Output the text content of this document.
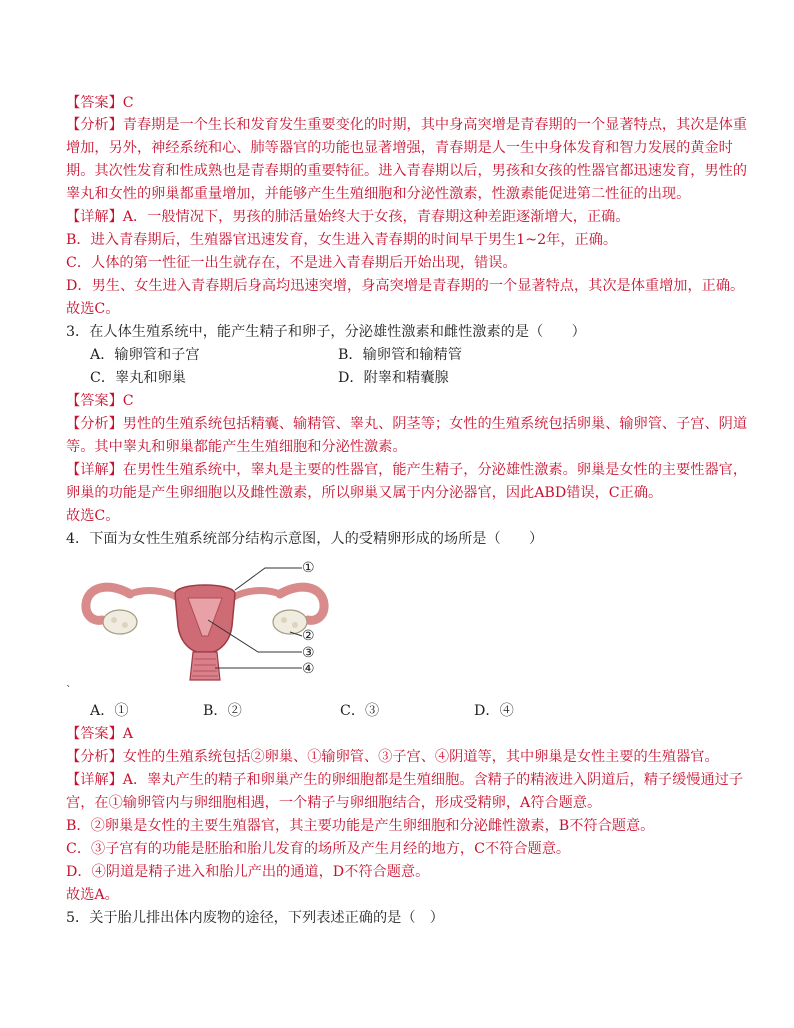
【答案】C
【分析】青春期是一个生长和发育发生重要变化的时期，其中身高突增是青春期的一个显著特点，其次是体重
增加，另外，神经系统和心、肺等器官的功能也显著增强，青春期是人一生中身体发育和智力发展的黄金时
期。其次性发育和性成熟也是青春期的重要特征。进入青春期以后，男孩和女孩的性器官都迅速发育，男性的
睾丸和女性的卵巢都重量增加，并能够产生生殖细胞和分泌性激素，性激素能促进第二性征的出现。
【详解】A．一般情况下，男孩的肺活量始终大于女孩，青春期这种差距逐渐增大，正确。
B．进入青春期后，生殖器官迅速发育，女生进入青春期的时间早于男生1~2年，正确。
C．人体的第一性征一出生就存在，不是进入青春期后开始出现，错误。
D．男生、女生进入青春期后身高均迅速突增，身高突增是青春期的一个显著特点，其次是体重增加，正确。
故选C。
3．在人体生殖系统中，能产生精子和卵子，分泌雄性激素和雌性激素的是（　　）
A．输卵管和子宫	B．输卵管和输精管
C．睾丸和卵巢	D．附睾和精囊腺
【答案】C
【分析】男性的生殖系统包括精囊、输精管、睾丸、阴茎等；女性的生殖系统包括卵巢、输卵管、子宫、阴道
等。其中睾丸和卵巢都能产生生殖细胞和分泌性激素。
【详解】在男性生殖系统中，睾丸是主要的性器官，能产生精子，分泌雄性激素。卵巢是女性的主要性器官，
卵巢的功能是产生卵细胞以及雌性激素，所以卵巢又属于内分泌器官，因此ABD错误，C正确。
故选C。
4．下面为女性生殖系统部分结构示意图，人的受精卵形成的场所是（　　）
①
②
③
④
`
A．①	B．②	C．③	D．④
【答案】A
【分析】女性的生殖系统包括②卵巢、①输卵管、③子宫、④阴道等，其中卵巢是女性主要的生殖器官。
【详解】A．睾丸产生的精子和卵巢产生的卵细胞都是生殖细胞。含精子的精液进入阴道后，精子缓慢通过子
宫，在①输卵管内与卵细胞相遇，一个精子与卵细胞结合，形成受精卵，A符合题意。
B．②卵巢是女性的主要生殖器官，其主要功能是产生卵细胞和分泌雌性激素，B不符合题意。
C．③子宫有的功能是胚胎和胎儿发育的场所及产生月经的地方，C不符合题意。
D．④阴道是精子进入和胎儿产出的通道，D不符合题意。
故选A。
5．关于胎儿排出体内废物的途径，下列表述正确的是（　）
